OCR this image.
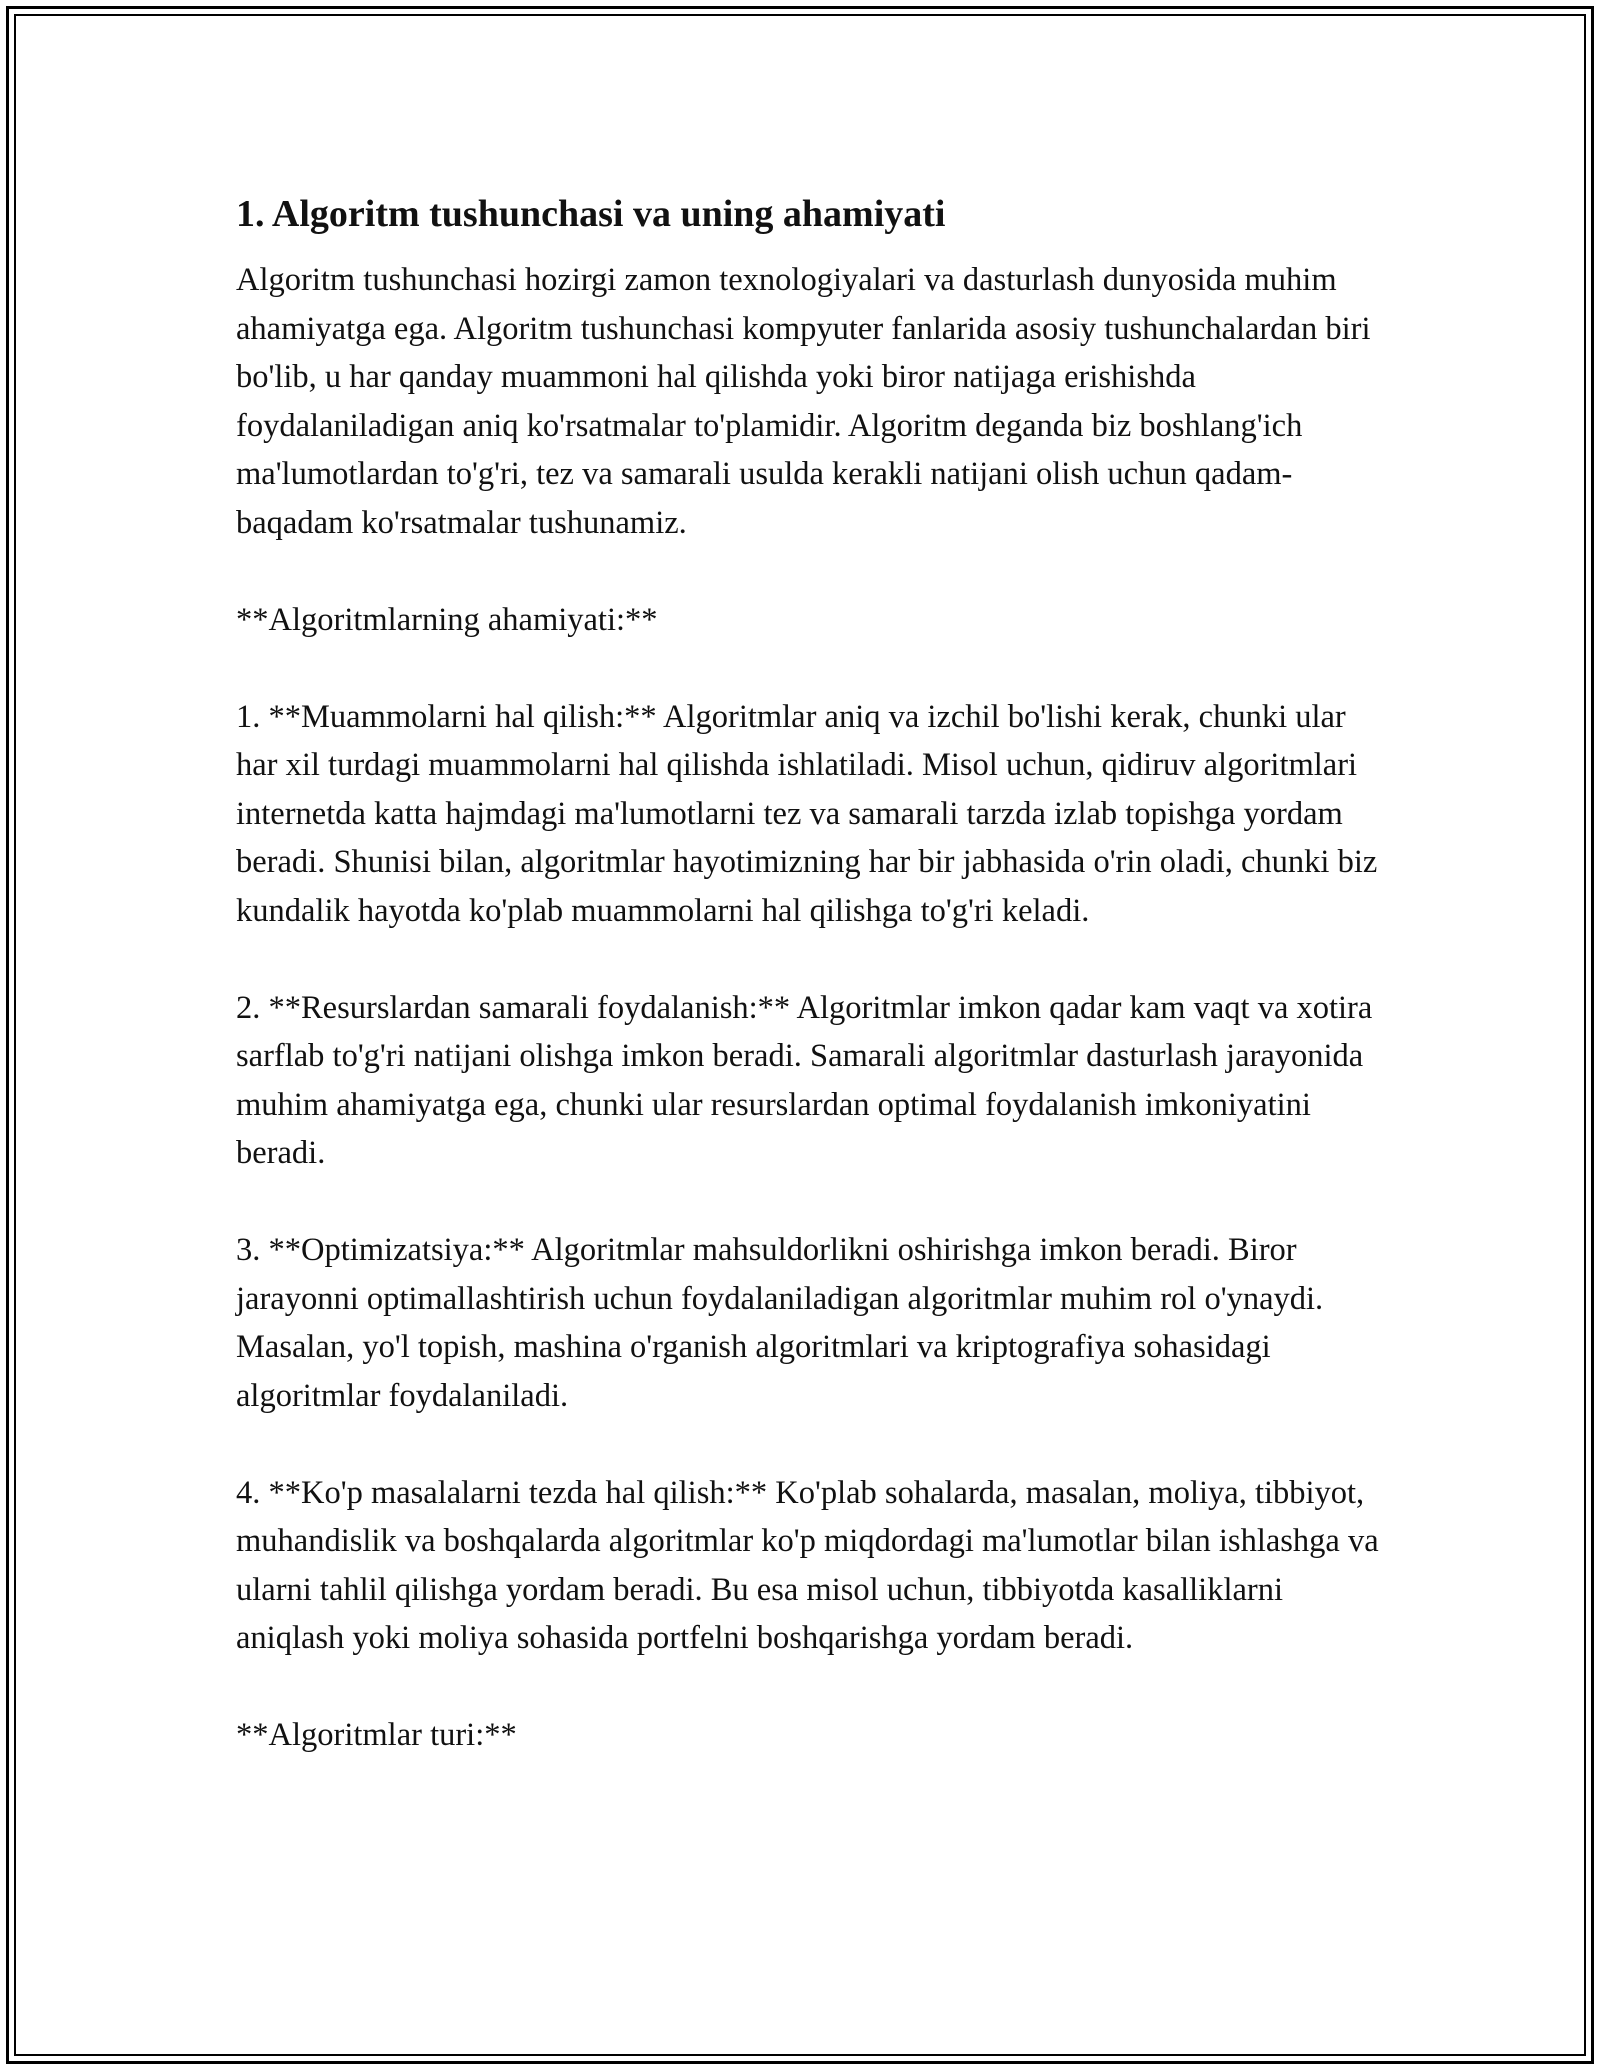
1. Algoritm tushunchasi va uning ahamiyati

Algoritm tushunchasi hozirgi zamon texnologiyalari va dasturlash dunyosida muhim ahamiyatga ega. Algoritm tushunchasi kompyuter fanlarida asosiy tushunchalardan biri bo'lib, u har qanday muammoni hal qilishda yoki biror natijaga erishishda foydalaniladigan aniq ko'rsatmalar to'plamidir. Algoritm deganda biz boshlang'ich ma'lumotlardan to'g'ri, tez va samarali usulda kerakli natijani olish uchun qadam-baqadam ko'rsatmalar tushunamiz.

**Algoritmlarning ahamiyati:**

1. **Muammolarni hal qilish:** Algoritmlar aniq va izchil bo'lishi kerak, chunki ular har xil turdagi muammolarni hal qilishda ishlatiladi. Misol uchun, qidiruv algoritmlari internetda katta hajmdagi ma'lumotlarni tez va samarali tarzda izlab topishga yordam beradi. Shunisi bilan, algoritmlar hayotimizning har bir jabhasida o'rin oladi, chunki biz kundalik hayotda ko'plab muammolarni hal qilishga to'g'ri keladi.

2. **Resurslardan samarali foydalanish:** Algoritmlar imkon qadar kam vaqt va xotira sarflab to'g'ri natijani olishga imkon beradi. Samarali algoritmlar dasturlash jarayonida muhim ahamiyatga ega, chunki ular resurslardan optimal foydalanish imkoniyatini beradi.

3. **Optimizatsiya:** Algoritmlar mahsuldorlikni oshirishga imkon beradi. Biror jarayonni optimallashtirish uchun foydalaniladigan algoritmlar muhim rol o'ynaydi. Masalan, yo'l topish, mashina o'rganish algoritmlari va kriptografiya sohasidagi algoritmlar foydalaniladi.

4. **Ko'p masalalarni tezda hal qilish:** Ko'plab sohalarda, masalan, moliya, tibbiyot, muhandislik va boshqalarda algoritmlar ko'p miqdordagi ma'lumotlar bilan ishlashga va ularni tahlil qilishga yordam beradi. Bu esa misol uchun, tibbiyotda kasalliklarni aniqlash yoki moliya sohasida portfelni boshqarishga yordam beradi.

**Algoritmlar turi:**
